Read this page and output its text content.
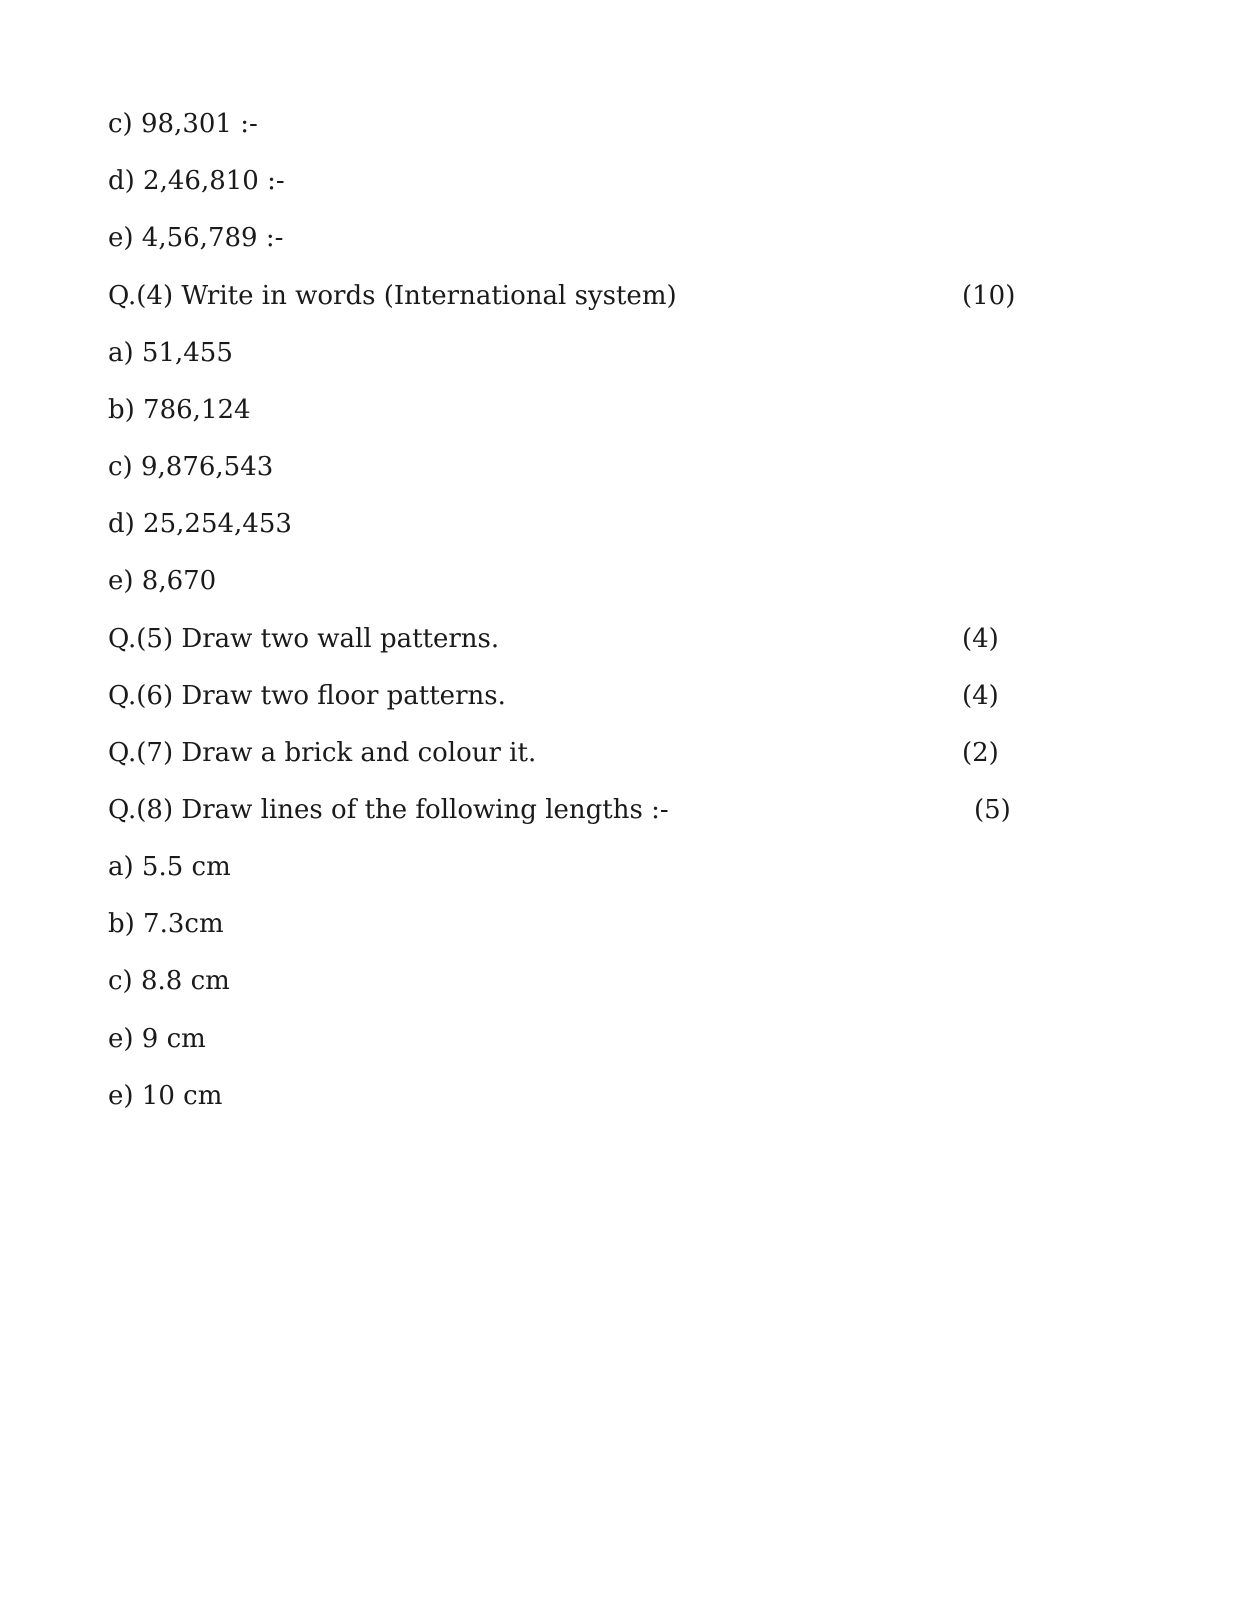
c) 98,301 :-
d) 2,46,810 :-
e) 4,56,789 :-
Q.(4) Write in words (International system)	(10)
a) 51,455
b) 786,124
c) 9,876,543
d) 25,254,453
e) 8,670
Q.(5) Draw two wall patterns.	(4)
Q.(6) Draw two floor patterns.	(4)
Q.(7) Draw a brick and colour it.	(2)
Q.(8) Draw lines of the following lengths :-	(5)
a) 5.5 cm
b) 7.3cm
c) 8.8 cm
e) 9 cm
e) 10 cm
